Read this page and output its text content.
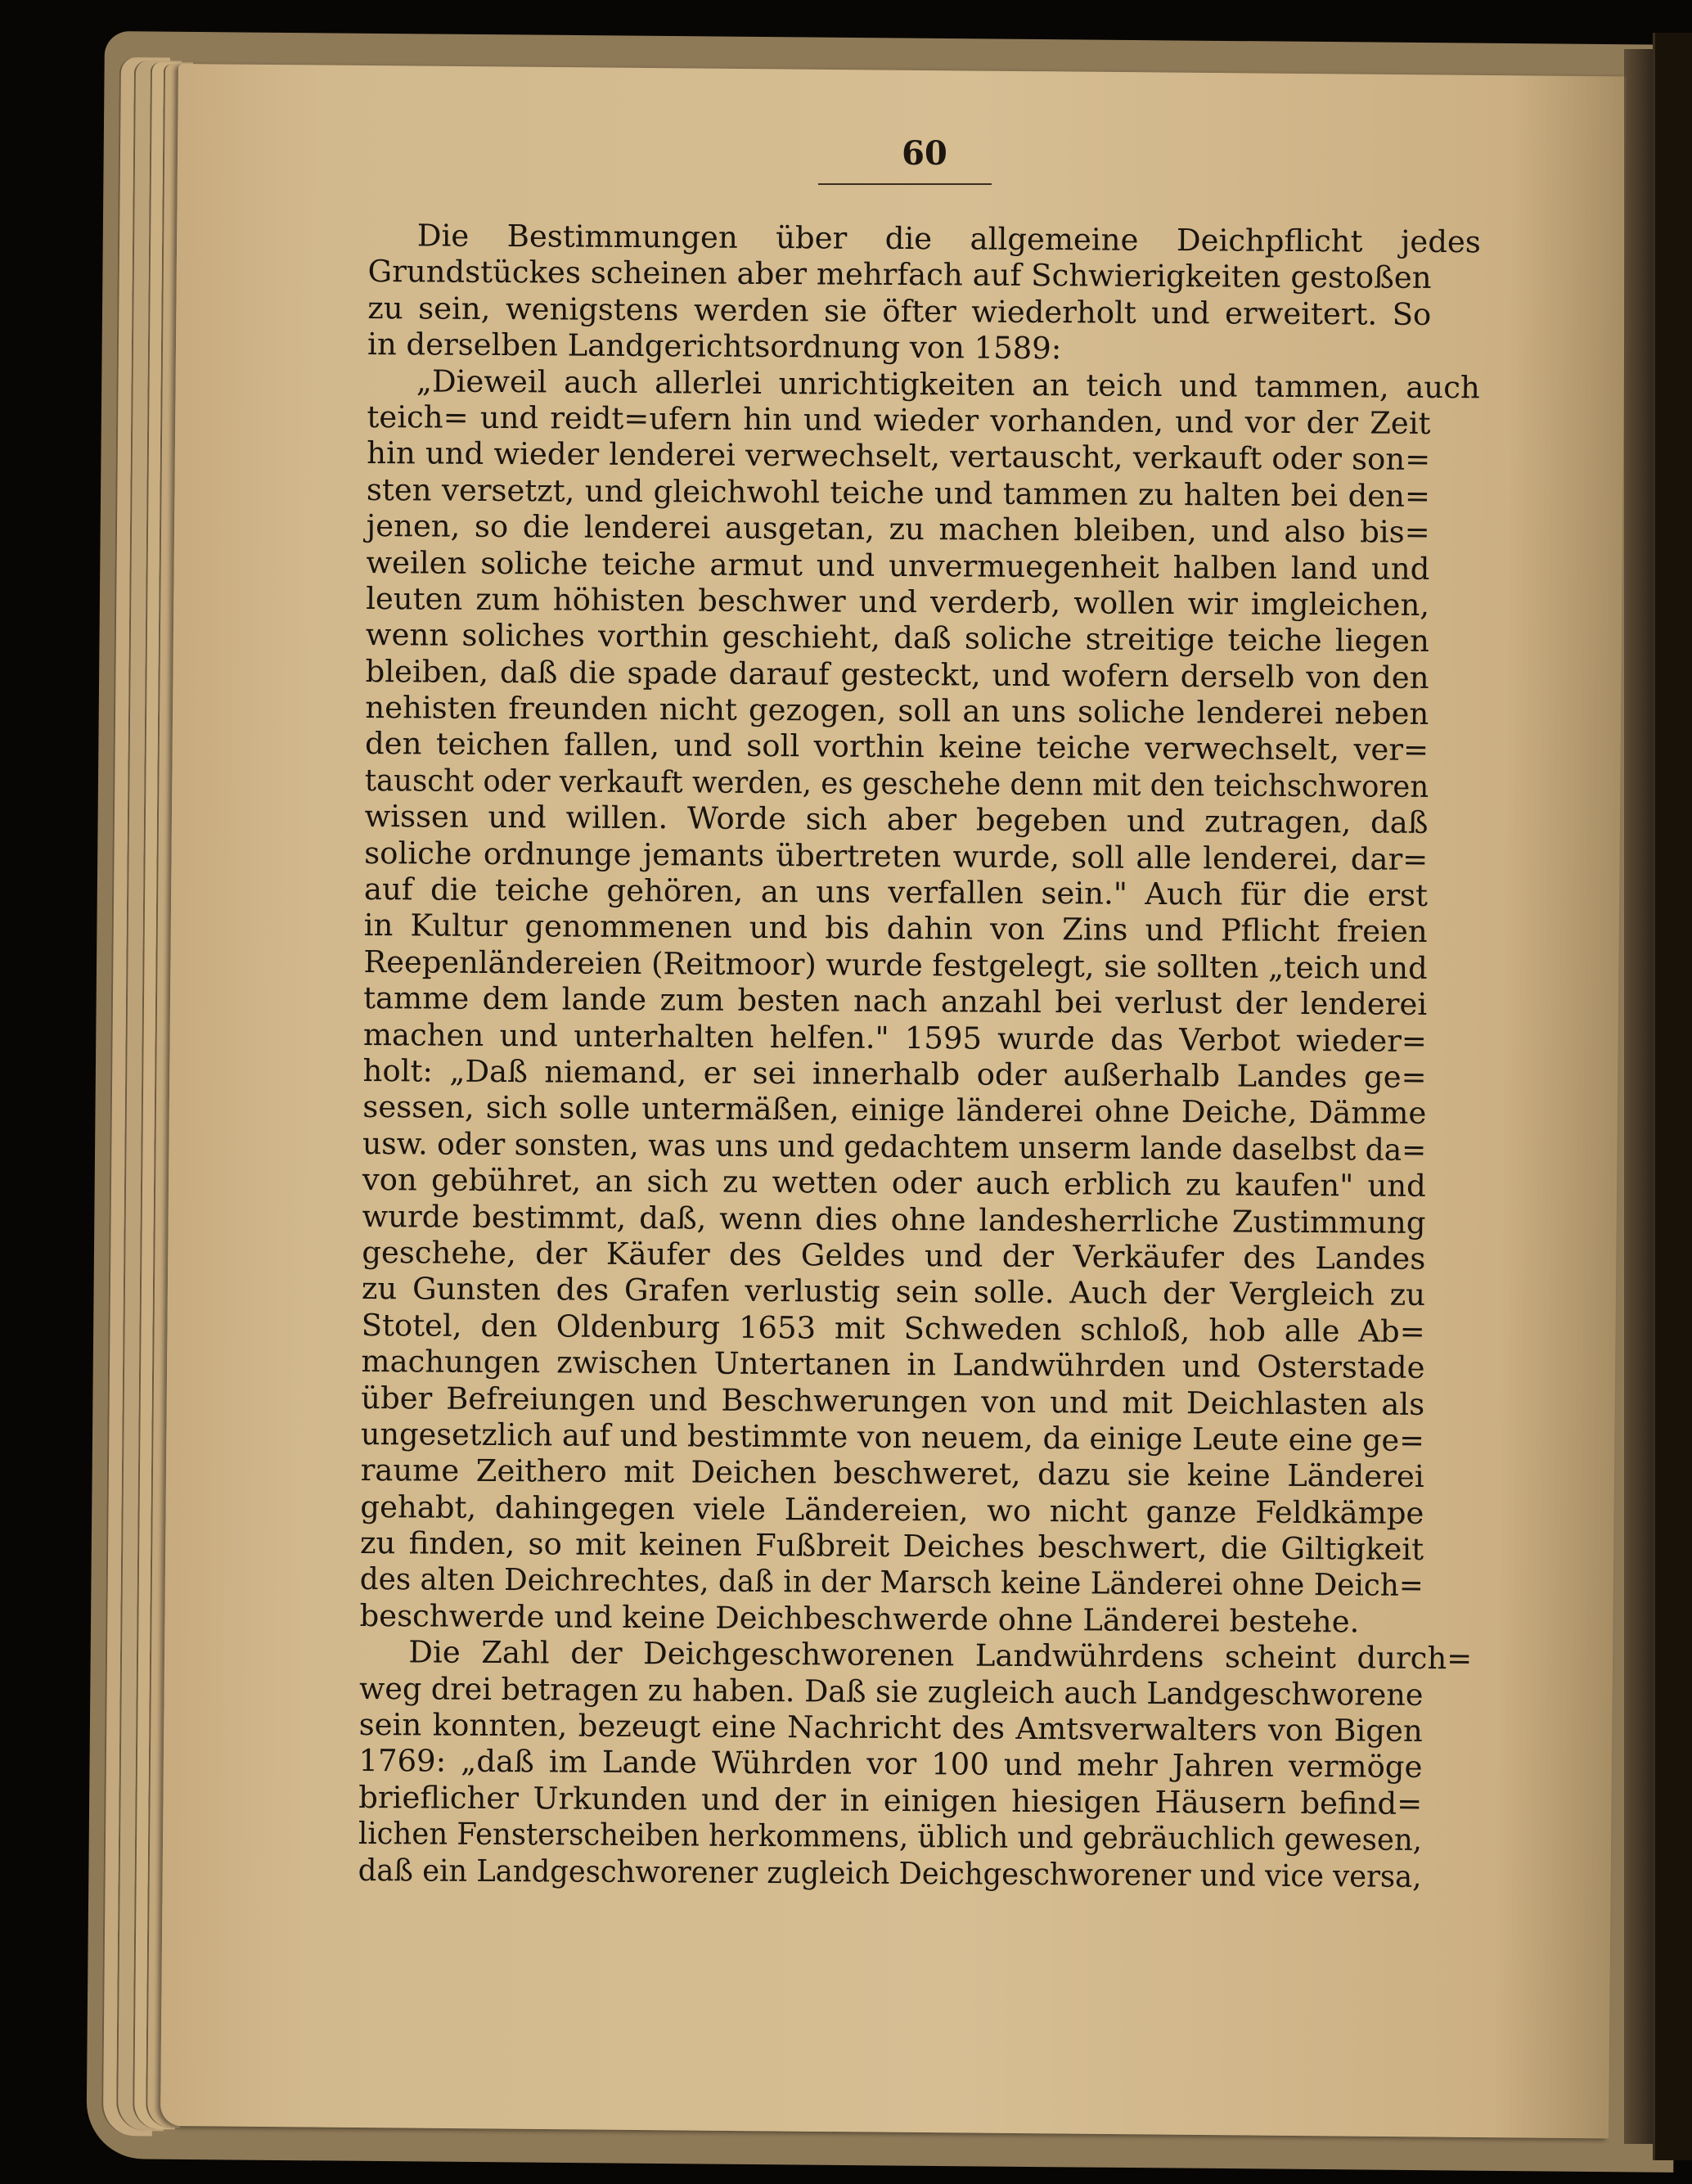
60
Die Bestimmungen über die allgemeine Deichpflicht jedes
Grundstückes scheinen aber mehrfach auf Schwierigkeiten gestoßen
zu sein, wenigstens werden sie öfter wiederholt und erweitert. So
in derselben Landgerichtsordnung von 1589:
„Dieweil auch allerlei unrichtigkeiten an teich und tammen, auch
teich= und reidt=ufern hin und wieder vorhanden, und vor der Zeit
hin und wieder lenderei verwechselt, vertauscht, verkauft oder son=
sten versetzt, und gleichwohl teiche und tammen zu halten bei den=
jenen, so die lenderei ausgetan, zu machen bleiben, und also bis=
weilen soliche teiche armut und unvermuegenheit halben land und
leuten zum höhisten beschwer und verderb, wollen wir imgleichen,
wenn soliches vorthin geschieht, daß soliche streitige teiche liegen
bleiben, daß die spade darauf gesteckt, und wofern derselb von den
nehisten freunden nicht gezogen, soll an uns soliche lenderei neben
den teichen fallen, und soll vorthin keine teiche verwechselt, ver=
tauscht oder verkauft werden, es geschehe denn mit den teichschworen
wissen und willen. Worde sich aber begeben und zutragen, daß
soliche ordnunge jemants übertreten wurde, soll alle lenderei, dar=
auf die teiche gehören, an uns verfallen sein." Auch für die erst
in Kultur genommenen und bis dahin von Zins und Pflicht freien
Reepenländereien (Reitmoor) wurde festgelegt, sie sollten „teich und
tamme dem lande zum besten nach anzahl bei verlust der lenderei
machen und unterhalten helfen." 1595 wurde das Verbot wieder=
holt: „Daß niemand, er sei innerhalb oder außerhalb Landes ge=
sessen, sich solle untermäßen, einige länderei ohne Deiche, Dämme
usw. oder sonsten, was uns und gedachtem unserm lande daselbst da=
von gebühret, an sich zu wetten oder auch erblich zu kaufen" und
wurde bestimmt, daß, wenn dies ohne landesherrliche Zustimmung
geschehe, der Käufer des Geldes und der Verkäufer des Landes
zu Gunsten des Grafen verlustig sein solle. Auch der Vergleich zu
Stotel, den Oldenburg 1653 mit Schweden schloß, hob alle Ab=
machungen zwischen Untertanen in Landwührden und Osterstade
über Befreiungen und Beschwerungen von und mit Deichlasten als
ungesetzlich auf und bestimmte von neuem, da einige Leute eine ge=
raume Zeithero mit Deichen beschweret, dazu sie keine Länderei
gehabt, dahingegen viele Ländereien, wo nicht ganze Feldkämpe
zu finden, so mit keinen Fußbreit Deiches beschwert, die Giltigkeit
des alten Deichrechtes, daß in der Marsch keine Länderei ohne Deich=
beschwerde und keine Deichbeschwerde ohne Länderei bestehe.
Die Zahl der Deichgeschworenen Landwührdens scheint durch=
weg drei betragen zu haben. Daß sie zugleich auch Landgeschworene
sein konnten, bezeugt eine Nachricht des Amtsverwalters von Bigen
1769: „daß im Lande Wührden vor 100 und mehr Jahren vermöge
brieflicher Urkunden und der in einigen hiesigen Häusern befind=
lichen Fensterscheiben herkommens, üblich und gebräuchlich gewesen,
daß ein Landgeschworener zugleich Deichgeschworener und vice versa,
